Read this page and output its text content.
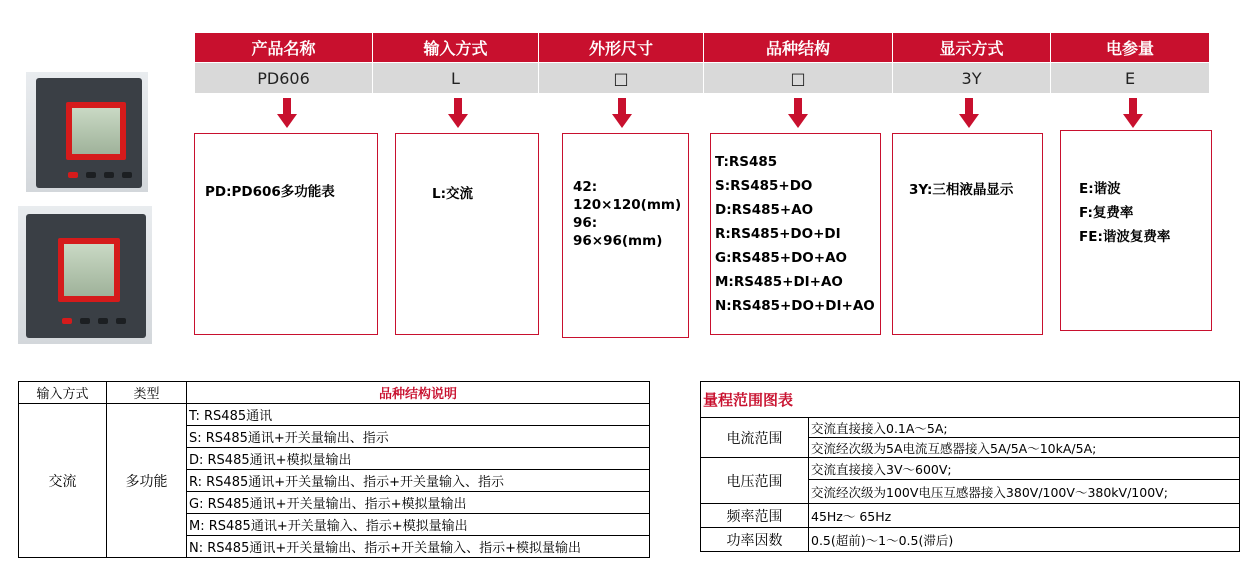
产品名称	输入方式	外形尺寸	品种结构	显示方式	电参量
PD606	L	□	□	3Y	E
PD:PD606多功能表	L:交流	42:
120×120(mm)
96:
96×96(mm)
T:RS485
S:RS485+DO
D:RS485+AO
R:RS485+DO+DI
G:RS485+DO+AO
M:RS485+DI+AO
N:RS485+DO+DI+AO
3Y:三相液晶显示	E:谐波
F:复费率
FE:谐波复费率
输入方式	类型	品种结构说明
交流	多功能	T: RS485通讯
		S: RS485通讯+开关量输出、指示
		D: RS485通讯+模拟量输出
		R: RS485通讯+开关量输出、指示+开关量输入、指示
		G: RS485通讯+开关量输出、指示+模拟量输出
		M: RS485通讯+开关量输入、指示+模拟量输出
		N: RS485通讯+开关量输出、指示+开关量输入、指示+模拟量输出
量程范围图表	
电流范围	交流直接接入0.1A～5A;
	交流经次级为5A电流互感器接入5A/5A～10kA/5A;
电压范围	交流直接接入3V～600V;
	交流经次级为100V电压互感器接入380V/100V～380kV/100V;
频率范围	45Hz～ 65Hz
功率因数	0.5(超前)～1～0.5(滞后)
